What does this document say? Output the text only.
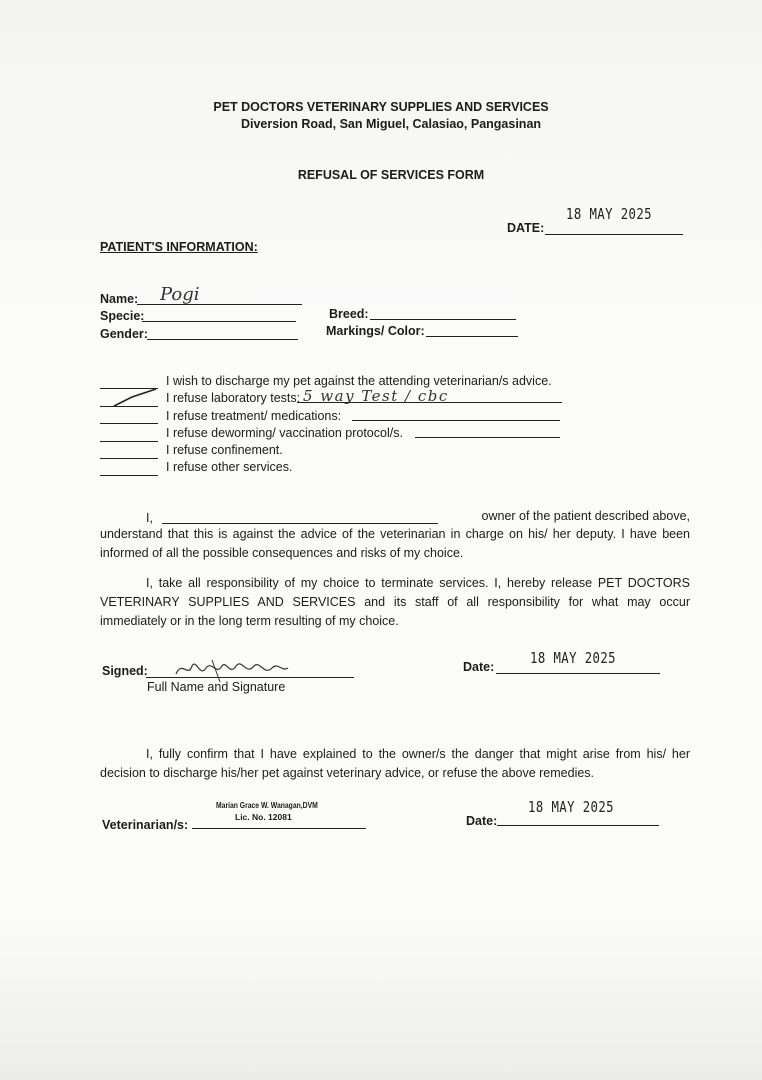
PET DOCTORS VETERINARY SUPPLIES AND SERVICES
Diversion Road, San Miguel, Calasiao, Pangasinan
REFUSAL OF SERVICES FORM
18 MAY 2025
DATE:
PATIENT'S INFORMATION:
Name: Pogi
Specie:
Gender:
Breed:
Markings/ Color:
I wish to discharge my pet against the attending veterinarian/s advice.
I refuse laboratory tests: 5 way Test / cbc
I refuse treatment/ medications:
I refuse deworming/ vaccination protocol/s.
I refuse confinement.
I refuse other services.
I,	owner of the patient described above,
understand that this is against the advice of the veterinarian in charge on his/ her deputy. I have been informed of all the possible consequences and risks of my choice.
I, take all responsibility of my choice to terminate services. I, hereby release PET DOCTORS VETERINARY SUPPLIES AND SERVICES and its staff of all responsibility for what may occur immediately or in the long term resulting of my choice.
Signed:
Full Name and Signature
Date: 18 MAY 2025
I, fully confirm that I have explained to the owner/s the danger that might arise from his/ her decision to discharge his/her pet against veterinary advice, or refuse the above remedies.
Veterinarian/s:
Marian Grace W. Wanagan,DVM
Lic. No. 12081	Date:
18 MAY 2025
